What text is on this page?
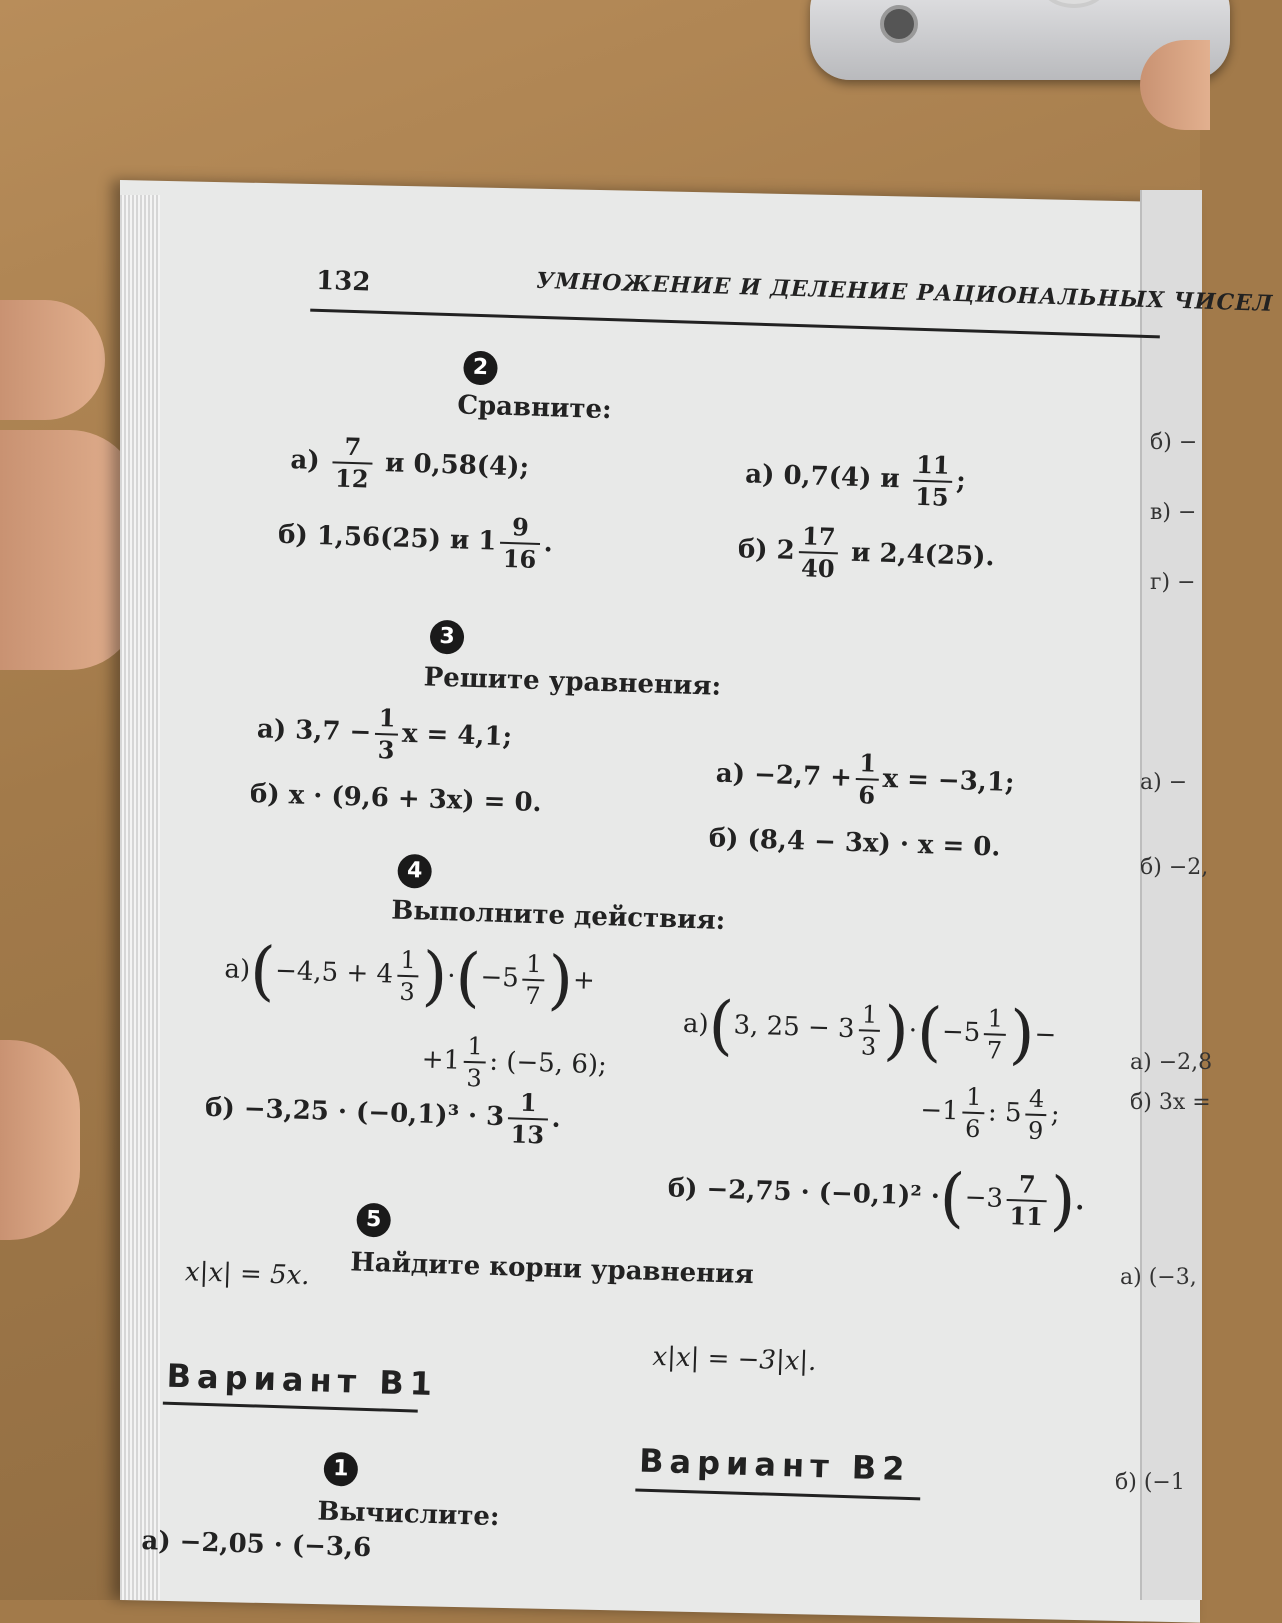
б) −
в) −
г) −
а) −
б) −2,
а) −2,8
б) 3x =
а) (−3,
б) (−1
132	УМНОЖЕНИЕ И ДЕЛЕНИЕ РАЦИОНАЛЬНЫХ ЧИСЕЛ
2
Сравните:
$а) \frac{7}{12}$ и 0,58(4);
б) 1,56(25) и $1 \frac{9}{16}$ .
а) 0,7(4) и $\frac{11}{15}$ ;
б) $2 \frac{17}{40}$ и 2,4(25).
3
Решите уравнения:
а) $3,7 - \frac{1}{3}$ x = 4,1;
б) x · (9,6 + 3x) = 0.
$а) -2,7 + \frac{1}{6}$ x = −3,1;
б) (8,4 − 3x) · x = 0.
4
Выполните действия:
$а)(-4,5 + 4 \frac{1}{3} )\cdot(-5 \frac{1}{7}$ )+
$+1 \frac{1}{3}$ : (−5, 6);
$б) -3,25 \cdot (-0,1)^3 \cdot 3 \frac{1}{13}$ .
а)(3, $25 - 3 \frac{1}{3} )\cdot(-5 \frac{1}{7}$ )−
$-1 \frac{1}{6}$ : $5 \frac{4}{9}$ ;
$б) -2,75 \cdot (-0,1)^2 \cdot(-3 \frac{7}{11}$ ).
5
Найдите корни уравнения
x|x| = 5x.
x|x| = −3|x|.
Вариант В1
Вариант В2
1
Вычислите:
а) −2,05 · (−3,6
